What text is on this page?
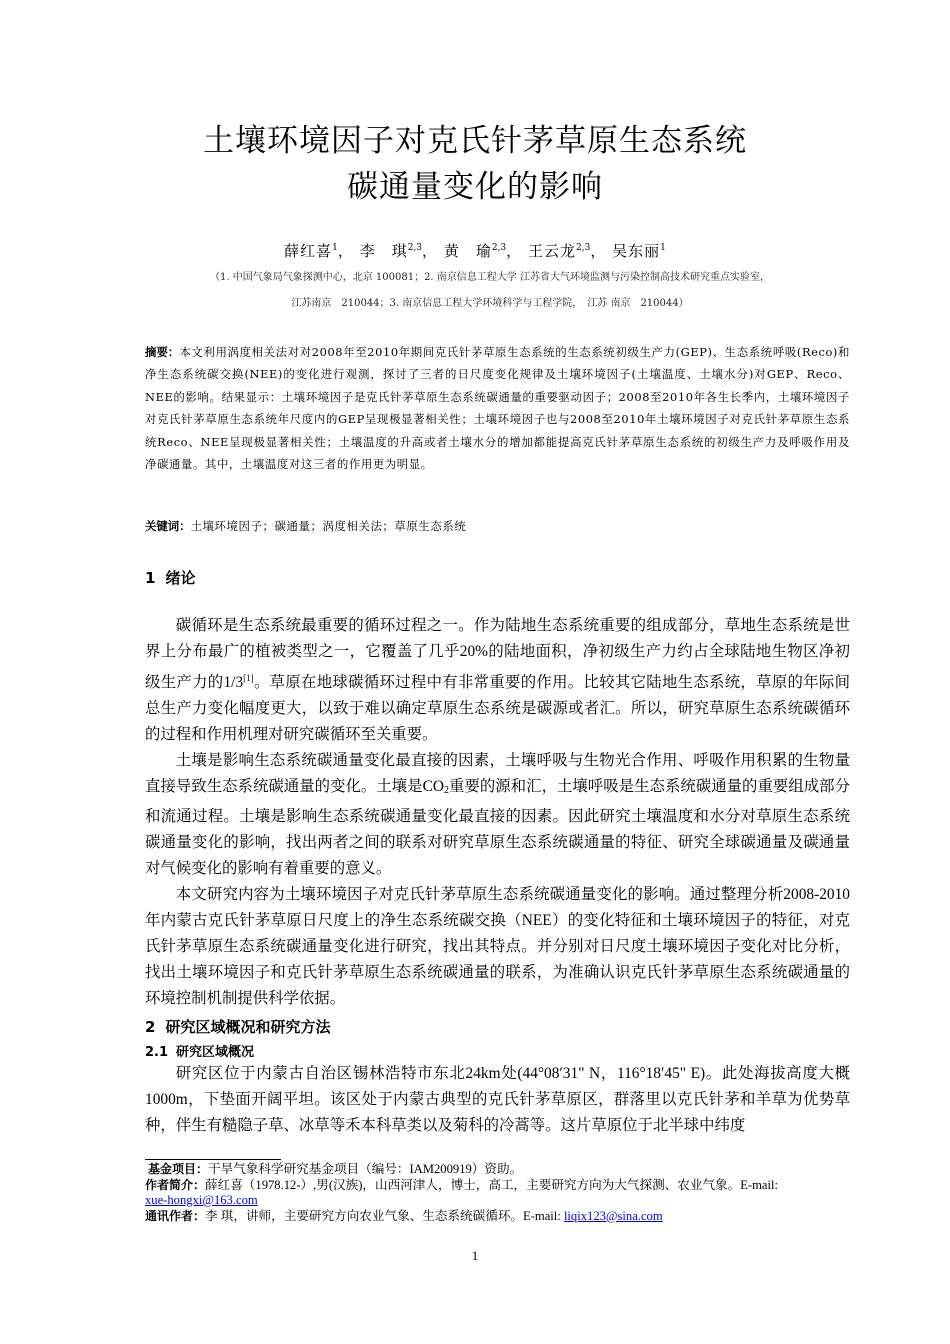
土壤环境因子对克氏针茅草原生态系统
碳通量变化的影响
薛红喜$^1$， 李　琪$^{2,3}$， 黄　瑜$^{2,3}$， 王云龙$^{2,3}$， 吴东丽$^1$
（1. 中国气象局气象探测中心，北京 100081；2. 南京信息工程大学 江苏省大气环境监测与污染控制高技术研究重点实验室，
江苏南京　210044；3. 南京信息工程大学环境科学与工程学院，　江苏 南京　210044）
摘要：本文利用涡度相关法对对2008年至2010年期间克氏针茅草原生态系统的生态系统初级生产力(GEP)、生态系统呼吸(Reco)和净生态系统碳交换(NEE)的变化进行观测，探讨了三者的日尺度变化规律及土壤环境因子(土壤温度、土壤水分)对GEP、Reco、NEE的影响。结果显示：土壤环境因子是克氏针茅草原生态系统碳通量的重要驱动因子；2008至2010年各生长季内，土壤环境因子对克氏针茅草原生态系统年尺度内的GEP呈现极显著相关性；土壤环境因子也与2008至2010年土壤环境因子对克氏针茅草原生态系统Reco、NEE呈现极显著相关性；土壤温度的升高或者土壤水分的增加都能提高克氏针茅草原生态系统的初级生产力及呼吸作用及净碳通量。其中，土壤温度对这三者的作用更为明显。
关键词：土壤环境因子；碳通量；涡度相关法；草原生态系统
1 绪论

碳循环是生态系统最重要的循环过程之一。作为陆地生态系统重要的组成部分，草地生态系统是世界上分布最广的植被类型之一，它覆盖了几乎20%的陆地面积，净初级生产力约占全球陆地生物区净初级生产力的1/3[1]。草原在地球碳循环过程中有非常重要的作用。比较其它陆地生态系统，草原的年际间总生产力变化幅度更大，以致于难以确定草原生态系统是碳源或者汇。所以，研究草原生态系统碳循环的过程和作用机理对研究碳循环至关重要。

土壤是影响生态系统碳通量变化最直接的因素，土壤呼吸与生物光合作用、呼吸作用积累的生物量直接导致生态系统碳通量的变化。土壤是$CO_2$重要的源和汇，土壤呼吸是生态系统碳通量的重要组成部分和流通过程。土壤是影响生态系统碳通量变化最直接的因素。因此研究土壤温度和水分对草原生态系统碳通量变化的影响，找出两者之间的联系对研究草原生态系统碳通量的特征、研究全球碳通量及碳通量对气候变化的影响有着重要的意义。

本文研究内容为土壤环境因子对克氏针茅草原生态系统碳通量变化的影响。通过整理分析2008-2010年内蒙古克氏针茅草原日尺度上的净生态系统碳交换（NEE）的变化特征和土壤环境因子的特征，对克氏针茅草原生态系统碳通量变化进行研究，找出其特点。并分别对日尺度土壤环境因子变化对比分析，找出土壤环境因子和克氏针茅草原生态系统碳通量的联系，为准确认识克氏针茅草原生态系统碳通量的环境控制机制提供科学依据。

2 研究区域概况和研究方法
2.1 研究区域概况

研究区位于内蒙古自治区锡林浩特市东北24km处(44°08′31" N，116°18′45" E)。此处海拔高度大概1000m，下垫面开阔平坦。该区处于内蒙古典型的克氏针茅草原区，群落里以克氏针茅和羊草为优势草种，伴生有糙隐子草、冰草等禾本科草类以及菊科的冷蒿等。这片草原位于北半球中纬度

基金项目：干旱气象科学研究基金项目（编号：IAM200919）资助。
作者简介：薛红喜（1978.12-）,男(汉族)，山西河津人，博士，高工，主要研究方向为大气探测、农业气象。E-mail:
xue-hongxi@163.com
通讯作者：李 琪，讲师，主要研究方向农业气象、生态系统碳循环。E-mail: liqix123@sina.com
1
